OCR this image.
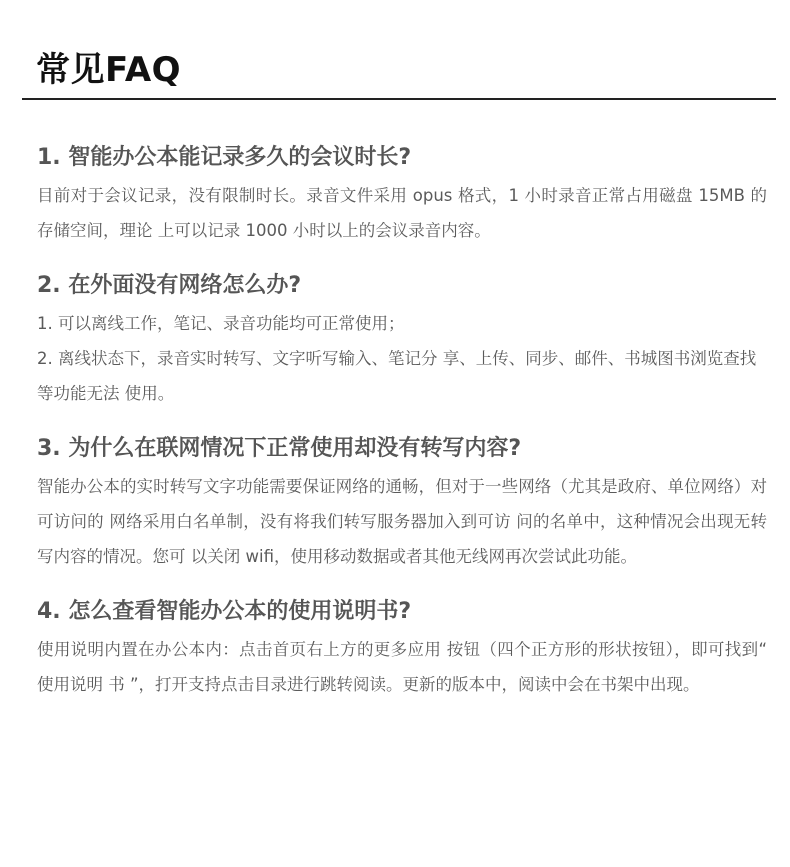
常见FAQ
1. 智能办公本能记录多久的会议时长?

目前对于会议记录，没有限制时长。录音文件采用 opus 格式，1 小时录音正常占用磁盘 15MB 的存储空间，理论 上可以记录 1000 小时以上的会议录音内容。

2. 在外面没有网络怎么办?

1. 可以离线工作，笔记、录音功能均可正常使用；

2. 离线状态下，录音实时转写、文字听写输入、笔记分 享、上传、同步、邮件、书城图书浏览查找等功能无法 使用。

3. 为什么在联网情况下正常使用却没有转写内容?

智能办公本的实时转写文字功能需要保证网络的通畅，但对于一些网络（尤其是政府、单位网络）对可访问的 网络采用白名单制，没有将我们转写服务器加入到可访 问的名单中，这种情况会出现无转写内容的情况。您可 以关闭 wifi，使用移动数据或者其他无线网再次尝试此功能。

4. 怎么查看智能办公本的使用说明书?

使用说明内置在办公本内：点击首页右上方的更多应用 按钮（四个正方形的形状按钮），即可找到“ 使用说明 书 ”，打开支持点击目录进行跳转阅读。更新的版本中，阅读中会在书架中出现。
